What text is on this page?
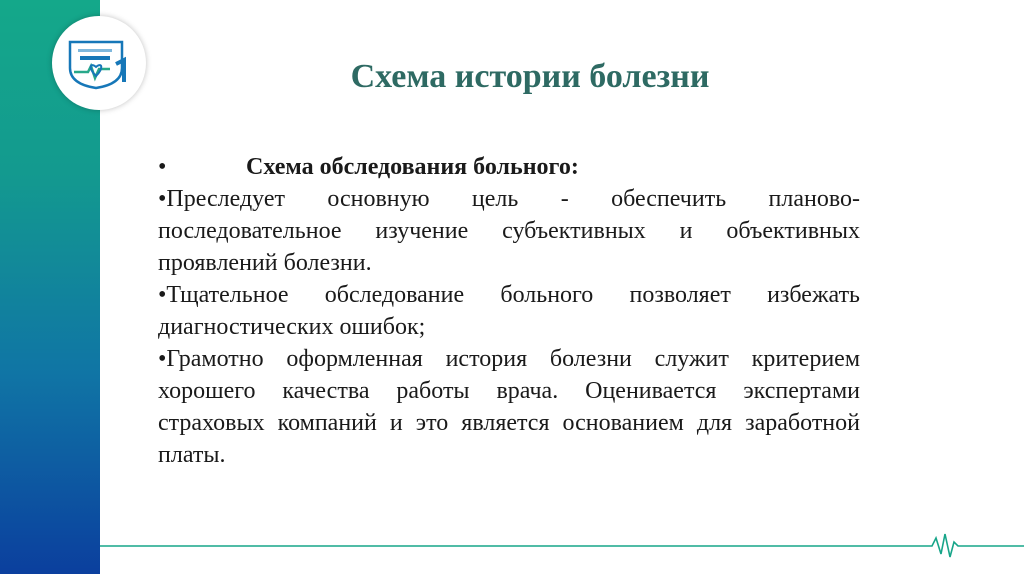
Схема истории болезни
•	Схема обследования больного:
•Преследует основную цель - обеспечить планово-последовательное изучение субъективных и объективных проявлений болезни.
•Тщательное обследование больного позволяет избежать диагностических ошибок;
•Грамотно оформленная история болезни служит критерием хорошего качества работы врача. Оценивается экспертами страховых компаний и это является основанием для заработной платы.
